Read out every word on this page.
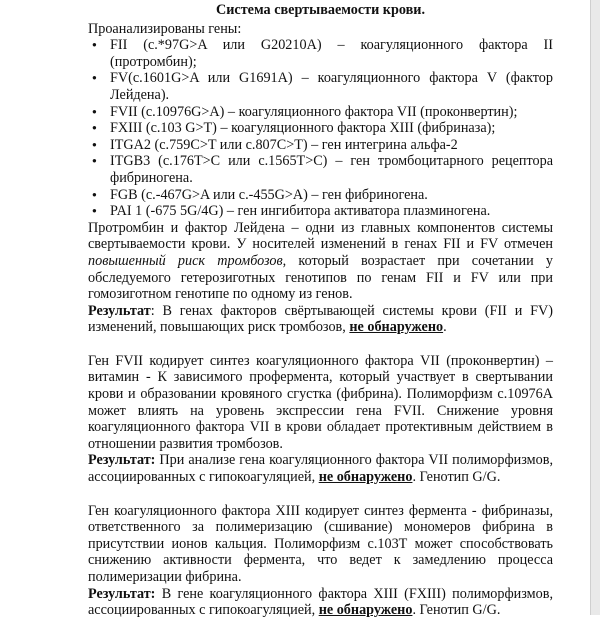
Система свертываемости крови.

Проанализированы гены:

●
FII (c.*97G>A или G20210A) – коагуляционного фактора II (протромбин);
●
FV(c.1601G>A или G1691A) – коагуляционного фактора V (фактор Лейдена).
●
FVII (c.10976G>A) – коагуляционного фактора VII (проконвертин);
●
FXIII (c.103 G>T) – коагуляционного фактора XIII (фибриназа);
●
ITGA2 (c.759C>T или c.807C>T) – ген интегрина альфа-2
●
ITGB3 (c.176T>C или c.1565T>C) – ген тромбоцитарного рецептора фибриногена.
●
FGB (c.-467G>A или c.-455G>A) – ген фибриногена.
●
PAI 1 (-675 5G/4G) – ген ингибитора активатора плазминогена.

Протромбин и фактор Лейдена – одни из главных компонентов системы свертываемости крови. У носителей изменений в генах FII и FV отмечен повышенный риск тромбозов, который возрастает при сочетании у обследуемого гетерозиготных генотипов по генам FII и FV или при гомозиготном генотипе по одному из генов.

Результат: В генах факторов свёртывающей системы крови (FII и FV) изменений, повышающих риск тромбозов, не обнаружено.

Ген FVII кодирует синтез коагуляционного фактора VII (проконвертин) – витамин - К зависимого профермента, который участвует в свертывании крови и образовании кровяного сгустка (фибрина). Полиморфизм с.10976А может влиять на уровень экспрессии гена FVII. Снижение уровня коагуляционного фактора VII в крови обладает протективным действием в отношении развития тромбозов.

Результат: При анализе гена коагуляционного фактора VII полиморфизмов, ассоциированных с гипокоагуляцией, не обнаружено. Генотип G/G.

Ген коагуляционного фактора XIII кодирует синтез фермента - фибриназы, ответственного за полимеризацию (сшивание) мономеров фибрина в присутствии ионов кальция. Полиморфизм с.103Т может способствовать снижению активности фермента, что ведет к замедлению процесса полимеризации фибрина.

Результат: В гене коагуляционного фактора XIII (FXIII) полиморфизмов, ассоциированных с гипокоагуляцией, не обнаружено. Генотип G/G.
